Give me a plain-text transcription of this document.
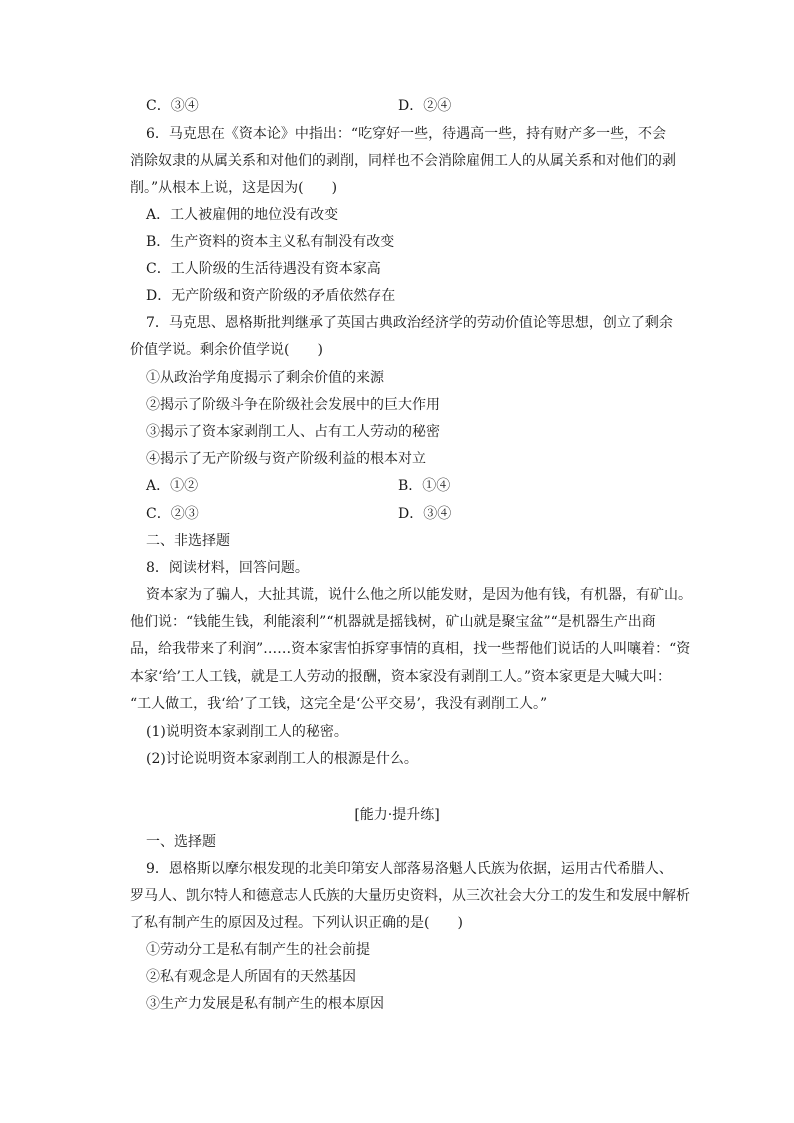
C．③④	D．②④
6．马克思在《资本论》中指出：“吃穿好一些，待遇高一些，持有财产多一些，不会
消除奴隶的从属关系和对他们的剥削，同样也不会消除雇佣工人的从属关系和对他们的剥
削。”从根本上说，这是因为(　　)
A．工人被雇佣的地位没有改变
B．生产资料的资本主义私有制没有改变
C．工人阶级的生活待遇没有资本家高
D．无产阶级和资产阶级的矛盾依然存在
7．马克思、恩格斯批判继承了英国古典政治经济学的劳动价值论等思想，创立了剩余
价值学说。剩余价值学说(　　)
①从政治学角度揭示了剩余价值的来源
②揭示了阶级斗争在阶级社会发展中的巨大作用
③揭示了资本家剥削工人、占有工人劳动的秘密
④揭示了无产阶级与资产阶级利益的根本对立
A．①②	B．①④
C．②③	D．③④
二、非选择题
8．阅读材料，回答问题。
资本家为了骗人，大扯其谎，说什么他之所以能发财，是因为他有钱，有机器，有矿山。
他们说：“钱能生钱，利能滚利”“机器就是摇钱树，矿山就是聚宝盆”“是机器生产出商
品，给我带来了利润”……资本家害怕拆穿事情的真相，找一些帮他们说话的人叫嚷着：“资
本家‘给’工人工钱，就是工人劳动的报酬，资本家没有剥削工人。”资本家更是大喊大叫：
“工人做工，我‘给’了工钱，这完全是‘公平交易’，我没有剥削工人。”
(1)说明资本家剥削工人的秘密。
(2)讨论说明资本家剥削工人的根源是什么。
[能力·提升练]
一、选择题
9．恩格斯以摩尔根发现的北美印第安人部落易洛魁人氏族为依据，运用古代希腊人、
罗马人、凯尔特人和德意志人氏族的大量历史资料，从三次社会大分工的发生和发展中解析
了私有制产生的原因及过程。下列认识正确的是(　　)
①劳动分工是私有制产生的社会前提
②私有观念是人所固有的天然基因
③生产力发展是私有制产生的根本原因
